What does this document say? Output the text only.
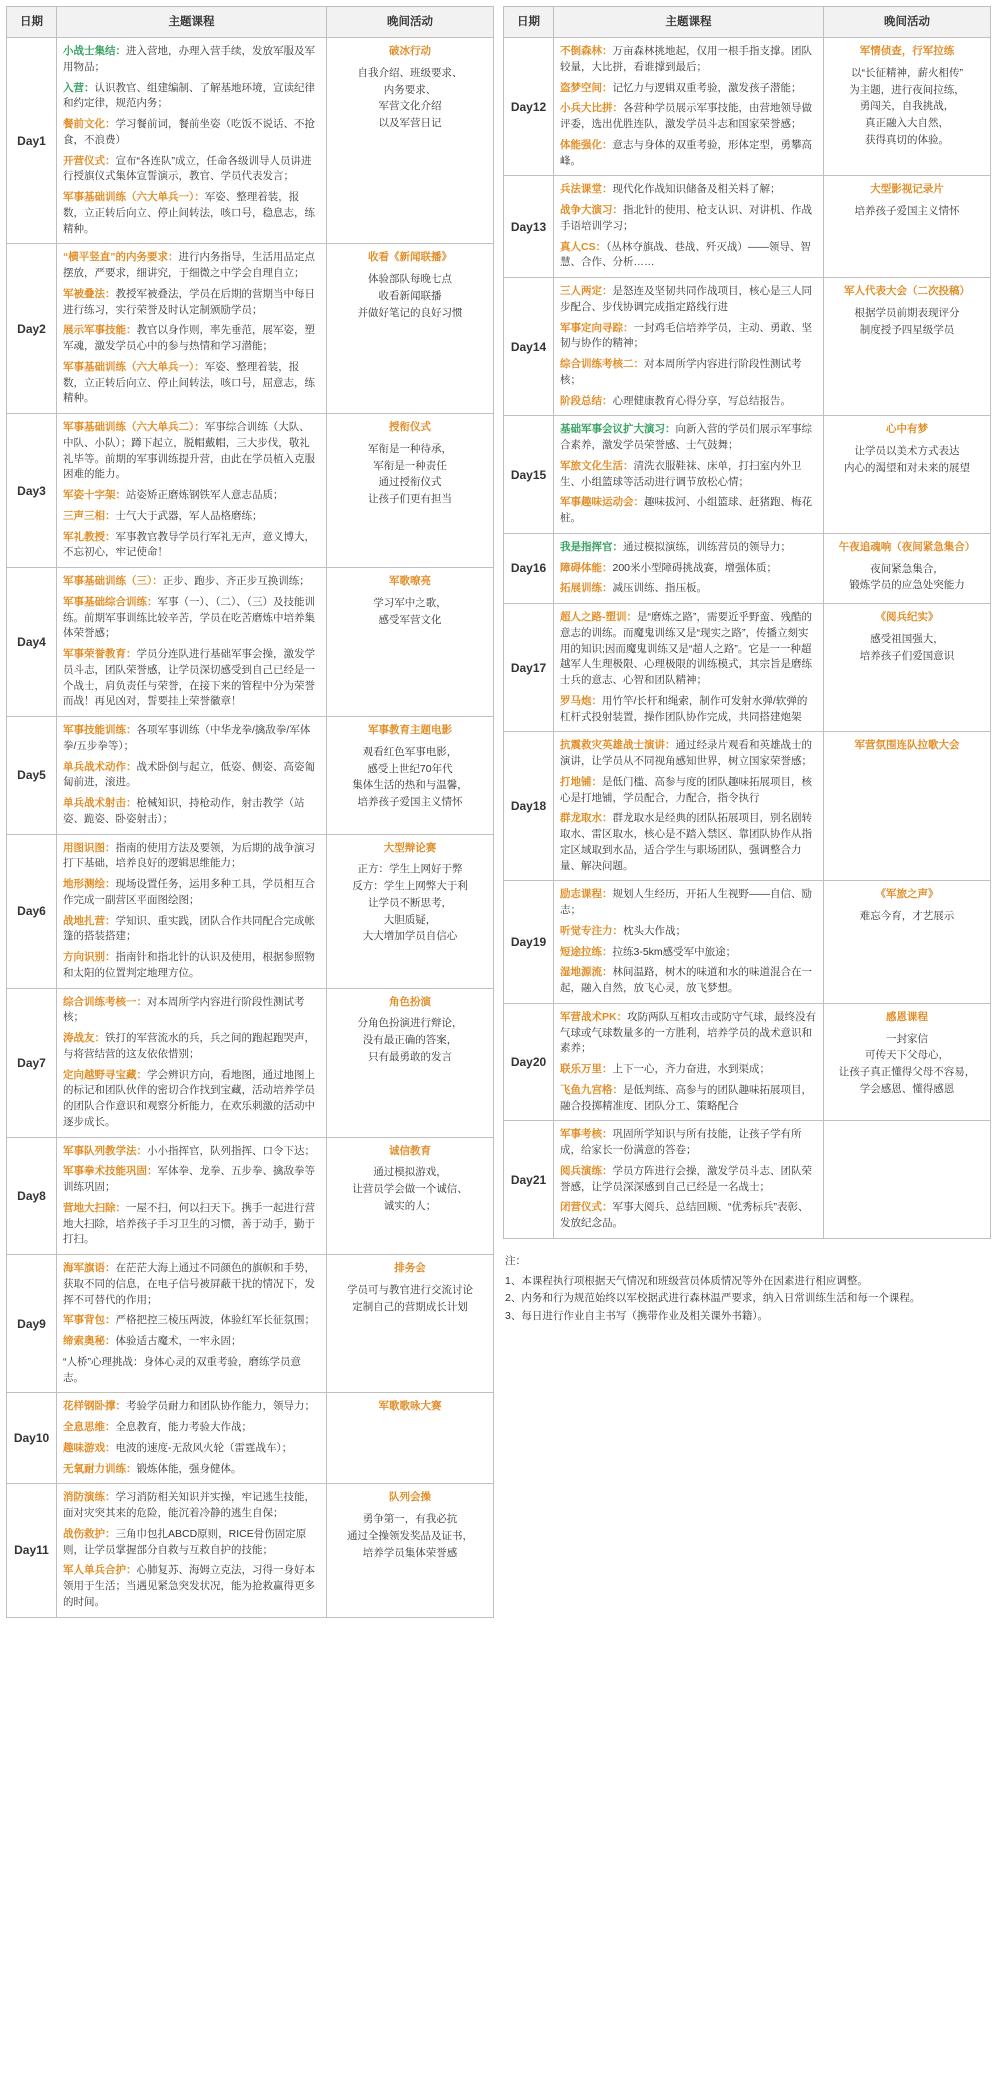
日期	主题课程	晚间活动
Day1	
小战士集结：进入营地，办理入营手续，发放军服及军用物品；
入营：认识教官、组建编制、了解基地环境，宣读纪律和约定律，规范内务；
餐前文化：学习餐前词，餐前坐姿（吃饭不说话、不抢食，不浪费）
开营仪式：宣布“各连队”成立，任命各级训导人员讲进行授旗仪式集体宣誓演示，教官、学员代表发言；
军事基础训练（六大单兵一）：军姿、整理着装，报数，立正转后向立、停止间转法，咳口号，稳息志，练精种。

破冰行动
自我介绍、班级要求、
内务要求、
军营文化介绍
以及军营日记

Day2	
“横平竖直”的内务要求：进行内务指导，生活用品定点摆放，严要求，细讲究，于细微之中学会自理自立；
军被叠法：教授军被叠法，学员在后期的营期当中每日进行练习，实行荣誉及时认定制颁励学员；
展示军事技能：教官以身作则，率先垂范，展军姿，塑军魂，激发学员心中的参与热情和学习潜能；
军事基础训练（六大单兵一）：军姿、整理着装，报数，立正转后向立、停止间转法，咳口号，屈意志，练精种。

收看《新闻联播》
体验部队每晚七点
收看新闻联播
并做好笔记的良好习惯

Day3	
军事基础训练（六大单兵二）：军事综合训练（大队、中队、小队）；蹲下起立，脱帽戴帽，三大步伐，敬礼礼毕等。前期的军事训练提升营，由此在学员植入克服困难的能力。
军姿十字架：站姿矫正磨炼钢铁军人意志品质；
三声三相：士气大于武器，军人品格磨练；
军礼教授：军事教官教导学员行军礼无声，意义博大，不忘初心，牢记使命！

授衔仪式
军衔是一种待承，
军衔是一种责任
通过授衔仪式
让孩子们更有担当

Day4	
军事基础训练（三）：正步、跑步、齐正步互换训练；
军事基础综合训练：军事（一）、（二）、（三）及技能训练。前期军事训练比较辛苦，学员在吃苦磨炼中培养集体荣誉感；
军事荣誉教育：学员分连队进行基础军事会操，激发学员斗志，团队荣誉感，让学员深切感受到自己已经是一个战士，肩负责任与荣誉，在接下来的管程中分为荣誉而战！再见凶对，誓要挂上荣誉徽章！

军歌嘹亮
学习军中之歌，
感受军营文化

Day5	
军事技能训练：各项军事训练（中华龙拳/擒敌拳/军体拳/五步拳等）；
单兵战术动作：战术卧倒与起立，低姿、侧姿、高姿匍匐前进，滚进。
单兵战术射击：枪械知识，持枪动作，射击教学（站姿、跪姿、卧姿射击）；

军事教育主题电影
观看红色军事电影，
感受上世纪70年代
集体生活的热和与温馨，
培养孩子爱国主义情怀

Day6	
用图识图：指南的使用方法及要领，为后期的战争演习打下基础，培养良好的逻辑思维能力；
地形测绘：现场设置任务，运用多种工具，学员相互合作完成一副营区平面图绘图；
战地扎营：学知识、重实践，团队合作共同配合完成帐篷的搭装搭建；
方向识别：指南针和指北针的认识及使用，根据参照物和太阳的位置判定地理方位。

大型辩论赛
正方：学生上网好于弊
反方：学生上网弊大于利
让学员不断思考，
大胆质疑，
大大增加学员自信心

Day7	
综合训练考核一：对本周所学内容进行阶段性测试考核；
涛战友：铁打的军营流水的兵，兵之间的跑起跑哭声，与将营结营的这友依依惜别；
定向越野寻宝藏：学会辨识方向，看地图，通过地图上的标记和团队伙伴的密切合作找到宝藏，活动培养学员的团队合作意识和观察分析能力，在欢乐刺激的活动中逐步成长。

角色扮演
分角色扮演进行辩论，
没有最正确的答案，
只有最勇敢的发言

Day8	
军事队列教学法：小小指挥官，队列指挥、口令下达；
军事拳术技能巩固：军体拳、龙拳、五步拳、擒敌拳等训练巩固；
营地大扫除：一屋不扫，何以扫天下。携手一起进行营地大扫除，培养孩子手习卫生的习惯，善于动手，勤于打扫。

诚信教育
通过模拟游戏，
让营员学会做一个诚信、
诚实的人；

Day9	
海军旗语：在茫茫大海上通过不同颜色的旗帜和手势，获取不同的信息，在电子信号被屏蔽干扰的情况下，发挥不可替代的作用；
军事背包：严格把控三棱压两波，体验红军长征氛围；
缔索奥秘：体验适古魔术，一牢永固；
“人桥”心理挑战：身体心灵的双重考验，磨练学员意志。

排务会
学员可与教官进行交流讨论
定制自己的营期成长计划

Day10	花样钢卧撑：考验学员耐力和团队协作能力，领导力；
全息思维：全息教育，能力考验大作战；
趣味游戏：电波的速度-无敌风火轮（雷霆战车）；
无氧耐力训练：锻炼体能，强身健体。	军歌歌咏大赛

Day11	
消防演练：学习消防相关知识并实操，牢记逃生技能，面对灾突其来的危险，能沉着冷静的逃生自保；
战伤救护：三角巾包扎ABCD原则，RICE骨伤固定原则，让学员掌握部分自救与互救自护的技能；
军人单兵合护：心肺复苏、海姆立克法，习得一身好本领用于生活；当遇见紧急突发状况，能为抢救赢得更多的时间。

队列会操
勇争第一，有我必抗
通过全操领发奖品及证书，
培养学员集体荣誉感
日期	主题课程	晚间活动
Day12	
不倒森林：万亩森林挑地起，仅用一根手指支撑。团队较量，大比拼，看谁撑到最后；
盗梦空间：记忆力与逻辑双重考验，激发孩子潜能；
小兵大比拼：各营种学员展示军事技能，由营地领导做评委，选出优胜连队，激发学员斗志和国家荣誉感；
体能强化：意志与身体的双重考验，形体定型，勇攀高峰。

军情侦查，行军拉练
以“长征精神，薪火相传”
为主题，进行夜间拉练，
勇闯关，自我挑战，
真正融入大自然，
获得真切的体验。

Day13	
兵法课堂：现代化作战知识储备及相关料了解；
战争大演习：指北针的使用、枪支认识、对讲机、作战手语培训学习；
真人CS：（丛林夺旗战、巷战、歼灭战）——领导、智慧、合作、分析……

大型影视记录片
培养孩子爱国主义情怀

Day14	
三人两定：是怒连及坚韧共同作战项目，核心是三人同步配合、步伐协调完成指定路线行进
军事定向寻踪：一封鸡毛信培养学员，主动、勇敢、坚韧与协作的精神；
综合训练考核二：对本周所学内容进行阶段性测试考核；
阶段总结：心理健康教育心得分享，写总结报告。

军人代表大会（二次投稿）
根据学员前期表现评分
制度授予四星级学员

Day15	
基础军事会议扩大演习：向新入营的学员们展示军事综合素养，激发学员荣誉感、士气鼓舞；
军旅文化生活：清洗衣服鞋袜、床单，打扫室内外卫生、小组篮球等活动进行调节放松心情；
军事趣味运动会：趣味拔河、小组篮球、赶猪跑、梅花桩。

心中有梦
让学员以美术方式表达
内心的渴望和对未来的展望

Day16	
我是指挥官：通过模拟演练，训练营员的领导力；
障碍体能：200米小型障碍挑战赛，增强体质；
拓展训练：减压训练、指压板。

午夜追魂响（夜间紧急集合）
夜间紧急集合，
锻炼学员的应急处突能力

Day17	
超人之路-塑训：是“磨炼之路”，需要近乎野蛮、残酷的意志的训练。而魔鬼训练又是“现实之路”，传播立刻实用的知识;因而魔鬼训练又是“超人之路”。它是一一种超越军人生理极限、心理极限的训练模式，其宗旨是磨练士兵的意志、心智和团队精神；
罗马炮：用竹竿/长杆和绳索，制作可发射水弹/软弹的杠杆式投射装置，操作团队协作完成，共同搭建炮架

《阅兵纪实》
感受祖国强大，
培养孩子们爱国意识

Day18	抗震救灾英雄战士演讲：通过经录片观看和英雄战士的演讲，让学员从不同视角感知世界，树立国家荣誉感；
打地铺：是低门槛、高参与度的团队趣味拓展项目，核心是打地铺，学员配合，力配合，指令执行
群龙取水：群龙取水是经典的团队拓展项目，别名剧转取水、雷区取水，核心是不踏入禁区、靠团队协作从指定区域取到水品，适合学生与职场团队，强调整合力量、解决问题。	军营氛围连队拉歌大会

Day19	
励志课程：规划人生经历，开拓人生视野——自信、励志；
听觉专注力：枕头大作战；
短途拉练：拉练3-5km感受军中旅途；
湿地源流：林间温路，树木的味道和水的味道混合在一起，融入自然，放飞心灵，放飞梦想。

《军旅之声》
难忘今育，才艺展示

Day20	
军营战术PK：攻防两队互相攻击或防守气球，最终没有气球或气球数量多的一方胜利，培养学员的战术意识和素养；
联乐万里：上下一心，齐力奋进，水到渠成；
飞鱼九宫格：是低判练、高参与的团队趣味拓展项目，融合投掷精准度、团队分工、策略配合

感恩课程
一封家信
可传天下父母心，
让孩子真正懂得父母不容易，
学会感恩、懂得感恩

Day21	军事考核：巩固所学知识与所有技能，让孩子学有所成，给家长一份满意的答卷；
阅兵演练：学员方阵进行会操，激发学员斗志、团队荣誉感，让学员深深感到自己已经是一名战士；
闭营仪式：军事大阅兵、总结回顾、“优秀标兵”表彰、发放纪念品。	

注：
1、本课程执行项根据天气情况和班级营员体质情况等外在因素进行相应调整。
2、内务和行为规范始终以军校据武进行森林温严要求，纳入日常训练生活和每一个课程。
3、每日进行作业自主书写（携带作业及相关课外书籍）。
